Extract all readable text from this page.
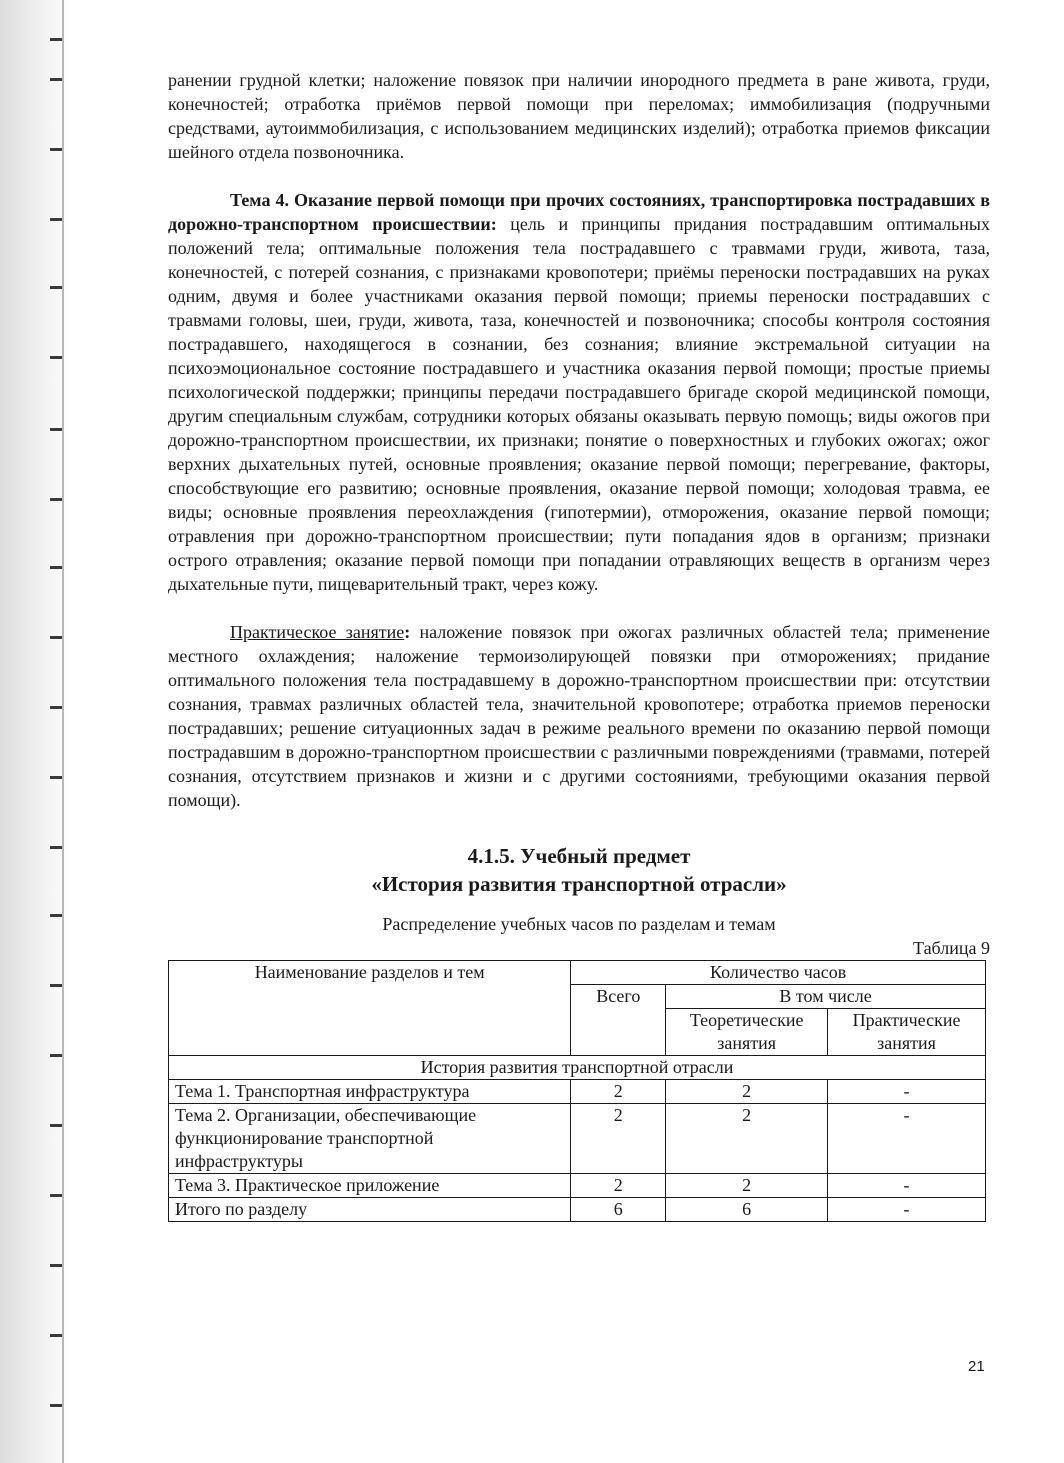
ранении грудной клетки; наложение повязок при наличии инородного предмета в ране живота, груди, конечностей; отработка приёмов первой помощи при переломах; иммобилизация (подручными средствами, аутоиммобилизация, с использованием медицинских изделий); отработка приемов фиксации шейного отдела позвоночника.

Тема 4. Оказание первой помощи при прочих состояниях, транспортировка пострадавших в дорожно-транспортном происшествии: цель и принципы придания пострадавшим оптимальных положений тела; оптимальные положения тела пострадавшего с травмами груди, живота, таза, конечностей, с потерей сознания, с признаками кровопотери; приёмы переноски пострадавших на руках одним, двумя и более участниками оказания первой помощи; приемы переноски пострадавших с травмами головы, шеи, груди, живота, таза, конечностей и позвоночника; способы контроля состояния пострадавшего, находящегося в сознании, без сознания; влияние экстремальной ситуации на психоэмоциональное состояние пострадавшего и участника оказания первой помощи; простые приемы психологической поддержки; принципы передачи пострадавшего бригаде скорой медицинской помощи, другим специальным службам, сотрудники которых обязаны оказывать первую помощь; виды ожогов при дорожно-транспортном происшествии, их признаки; понятие о поверхностных и глубоких ожогах; ожог верхних дыхательных путей, основные проявления; оказание первой помощи; перегревание, факторы, способствующие его развитию; основные проявления, оказание первой помощи; холодовая травма, ее виды; основные проявления переохлаждения (гипотермии), отморожения, оказание первой помощи; отравления при дорожно-транспортном происшествии; пути попадания ядов в организм; признаки острого отравления; оказание первой помощи при попадании отравляющих веществ в организм через дыхательные пути, пищеварительный тракт, через кожу.

Практическое занятие: наложение повязок при ожогах различных областей тела; применение местного охлаждения; наложение термоизолирующей повязки при отморожениях; придание оптимального положения тела пострадавшему в дорожно-транспортном происшествии при: отсутствии сознания, травмах различных областей тела, значительной кровопотере; отработка приемов переноски пострадавших; решение ситуационных задач в режиме реального времени по оказанию первой помощи пострадавшим в дорожно-транспортном происшествии с различными повреждениями (травмами, потерей сознания, отсутствием признаков и жизни и с другими состояниями, требующими оказания первой помощи).

4.1.5. Учебный предмет

«История развития транспортной отрасли»

Распределение учебных часов по разделам и темам

Таблица 9

Наименование разделов и тем	Количество часов		
	Всего	В том числе	
		Теоретические занятия	Практические занятия
История развития транспортной отрасли			
Тема 1. Транспортная инфраструктура	2	2	-
Тема 2. Организации, обеспечивающие функционирование транспортной инфраструктуры	2	2	-
Тема 3. Практическое приложение	2	2	-
Итого по разделу	6	6	-
21
